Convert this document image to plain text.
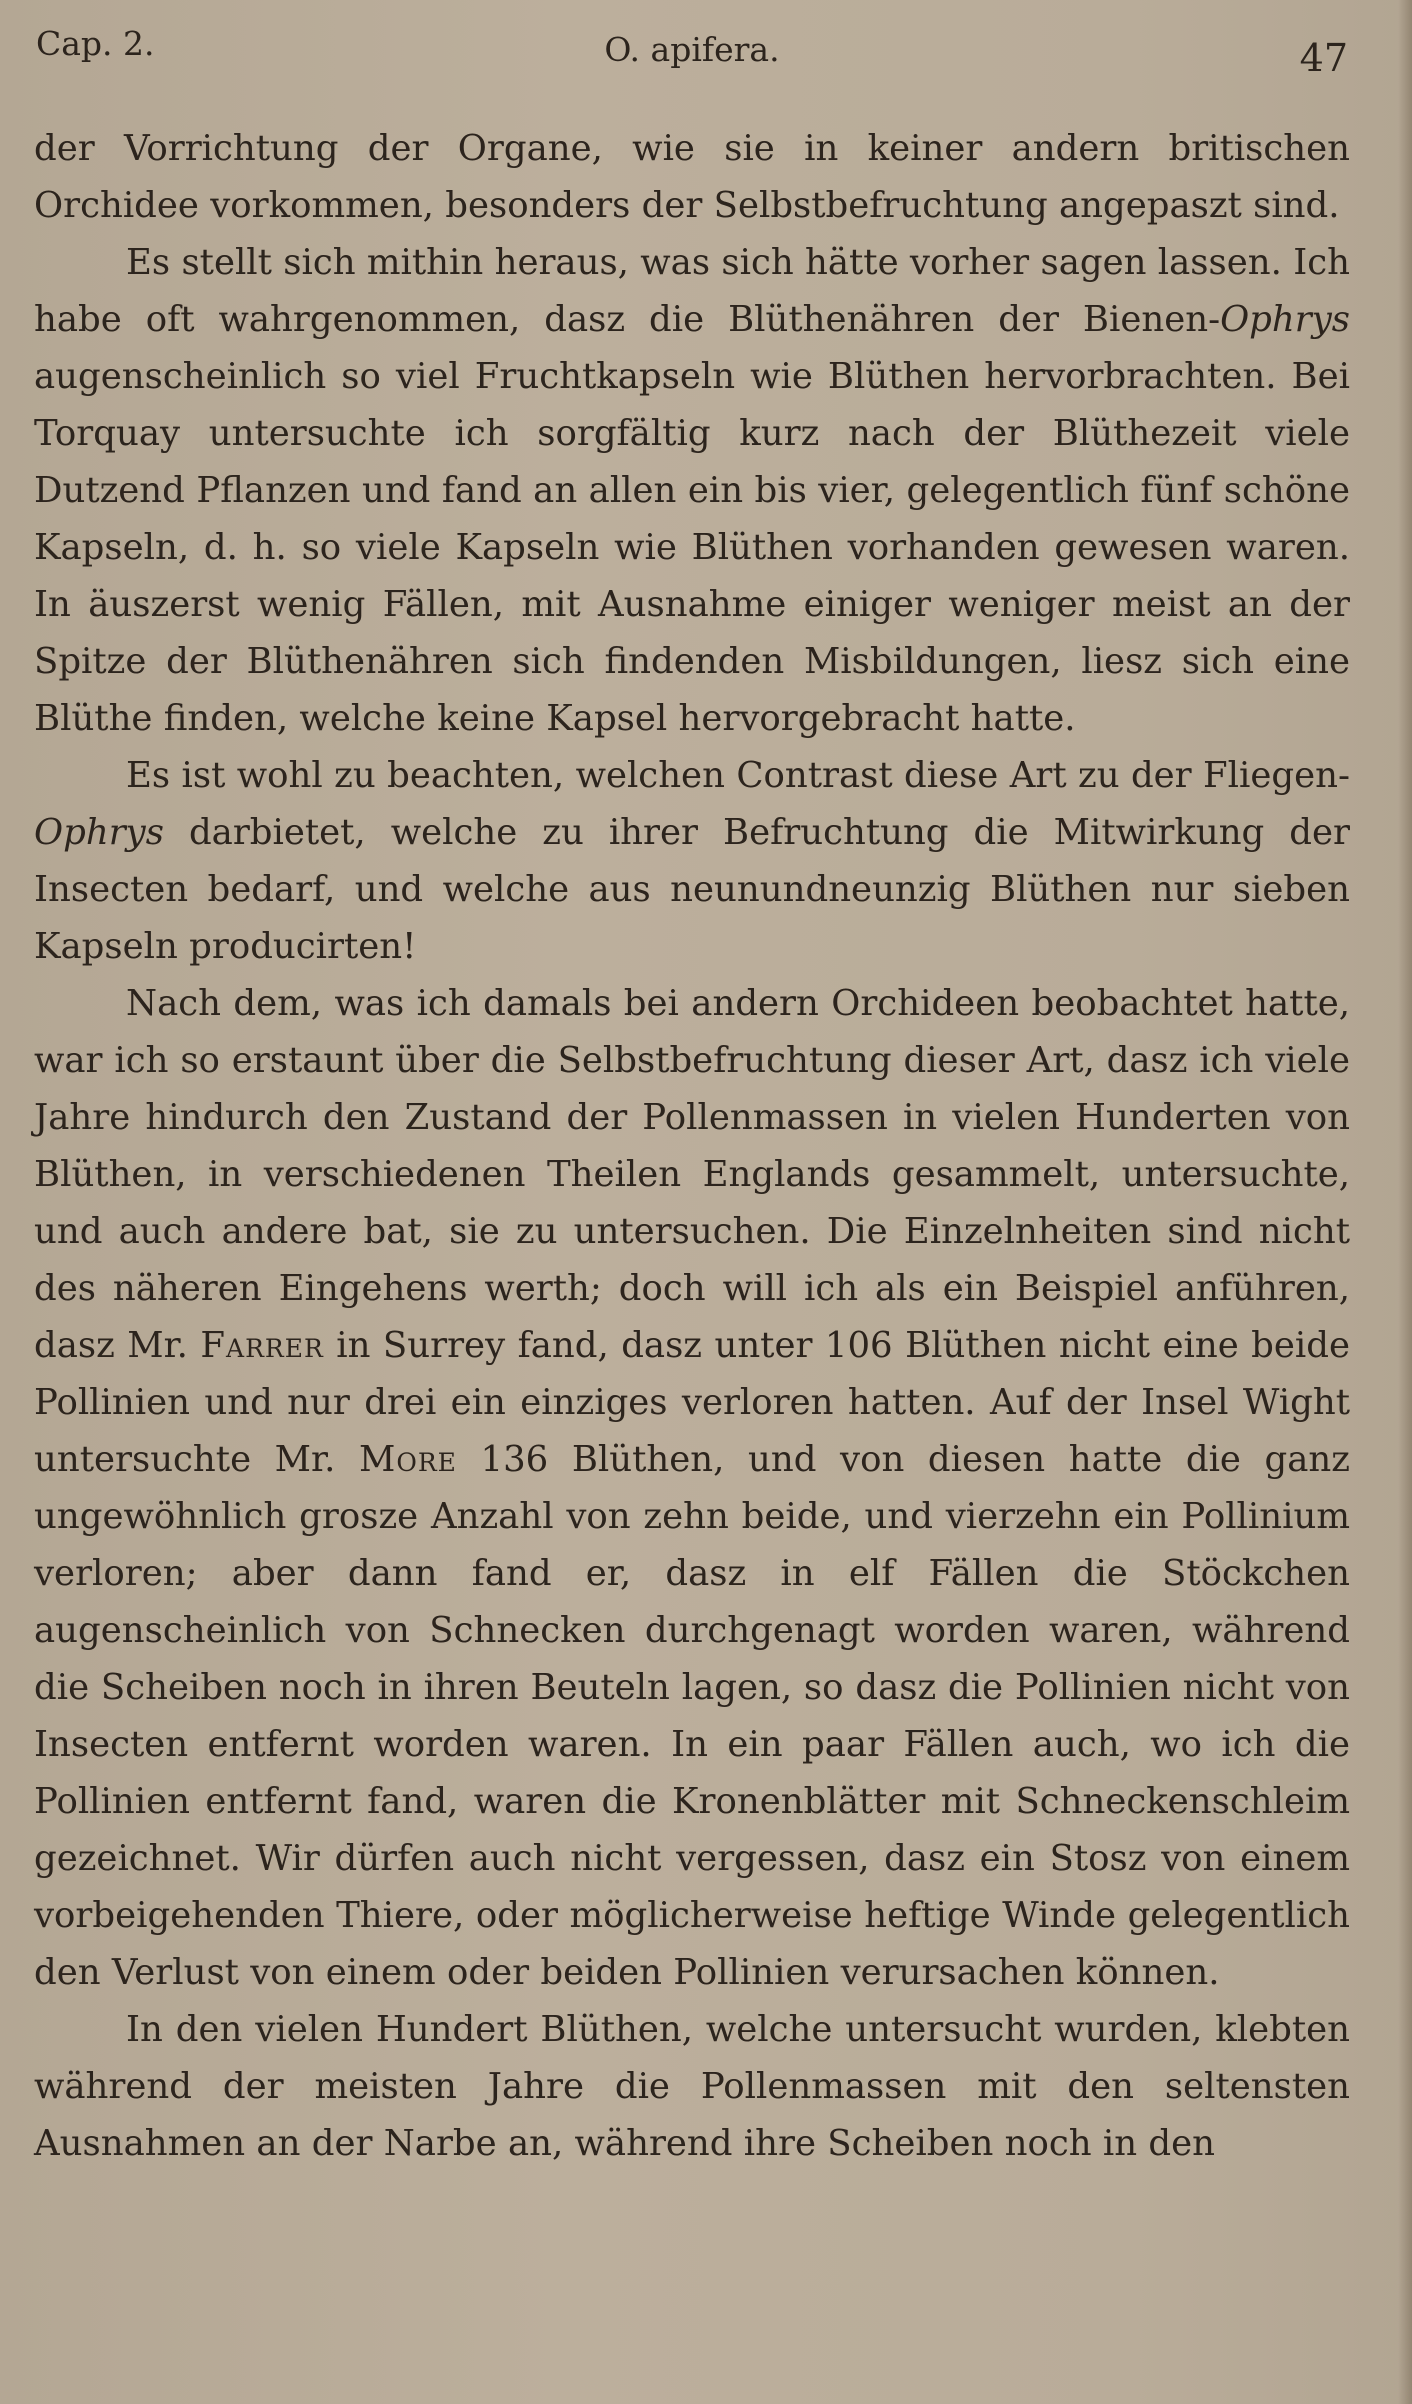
Cap. 2.	O. apifera.	47

der Vorrichtung der Organe, wie sie in keiner andern britischen Orchidee vorkommen, besonders der Selbstbefruchtung angepaszt sind.

Es stellt sich mithin heraus, was sich hätte vorher sagen lassen. Ich habe oft wahrgenommen, dasz die Blüthenähren der Bienen-Ophrys augenscheinlich so viel Fruchtkapseln wie Blüthen hervorbrachten. Bei Torquay untersuchte ich sorgfältig kurz nach der Blüthezeit viele Dutzend Pflanzen und fand an allen ein bis vier, gelegentlich fünf schöne Kapseln, d. h. so viele Kapseln wie Blüthen vorhanden gewesen waren. In äuszerst wenig Fällen, mit Ausnahme einiger weniger meist an der Spitze der Blüthenähren sich findenden Misbildungen, liesz sich eine Blüthe finden, welche keine Kapsel hervorgebracht hatte.

Es ist wohl zu beachten, welchen Contrast diese Art zu der Fliegen-Ophrys darbietet, welche zu ihrer Befruchtung die Mitwirkung der Insecten bedarf, und welche aus neunundneunzig Blüthen nur sieben Kapseln producirten!

Nach dem, was ich damals bei andern Orchideen beobachtet hatte, war ich so erstaunt über die Selbstbefruchtung dieser Art, dasz ich viele Jahre hindurch den Zustand der Pollenmassen in vielen Hunderten von Blüthen, in verschiedenen Theilen Englands gesammelt, untersuchte, und auch andere bat, sie zu untersuchen. Die Einzelnheiten sind nicht des näheren Eingehens werth; doch will ich als ein Beispiel anführen, dasz Mr. Farrer in Surrey fand, dasz unter 106 Blüthen nicht eine beide Pollinien und nur drei ein einziges verloren hatten. Auf der Insel Wight untersuchte Mr. More 136 Blüthen, und von diesen hatte die ganz ungewöhnlich grosze Anzahl von zehn beide, und vierzehn ein Pollinium verloren; aber dann fand er, dasz in elf Fällen die Stöckchen augenscheinlich von Schnecken durchgenagt worden waren, während die Scheiben noch in ihren Beuteln lagen, so dasz die Pollinien nicht von Insecten entfernt worden waren. In ein paar Fällen auch, wo ich die Pollinien entfernt fand, waren die Kronenblätter mit Schneckenschleim gezeichnet. Wir dürfen auch nicht vergessen, dasz ein Stosz von einem vorbeigehenden Thiere, oder möglicherweise heftige Winde gelegentlich den Verlust von einem oder beiden Pollinien verursachen können.

In den vielen Hundert Blüthen, welche untersucht wurden, klebten während der meisten Jahre die Pollenmassen mit den seltensten Ausnahmen an der Narbe an, während ihre Scheiben noch in den
